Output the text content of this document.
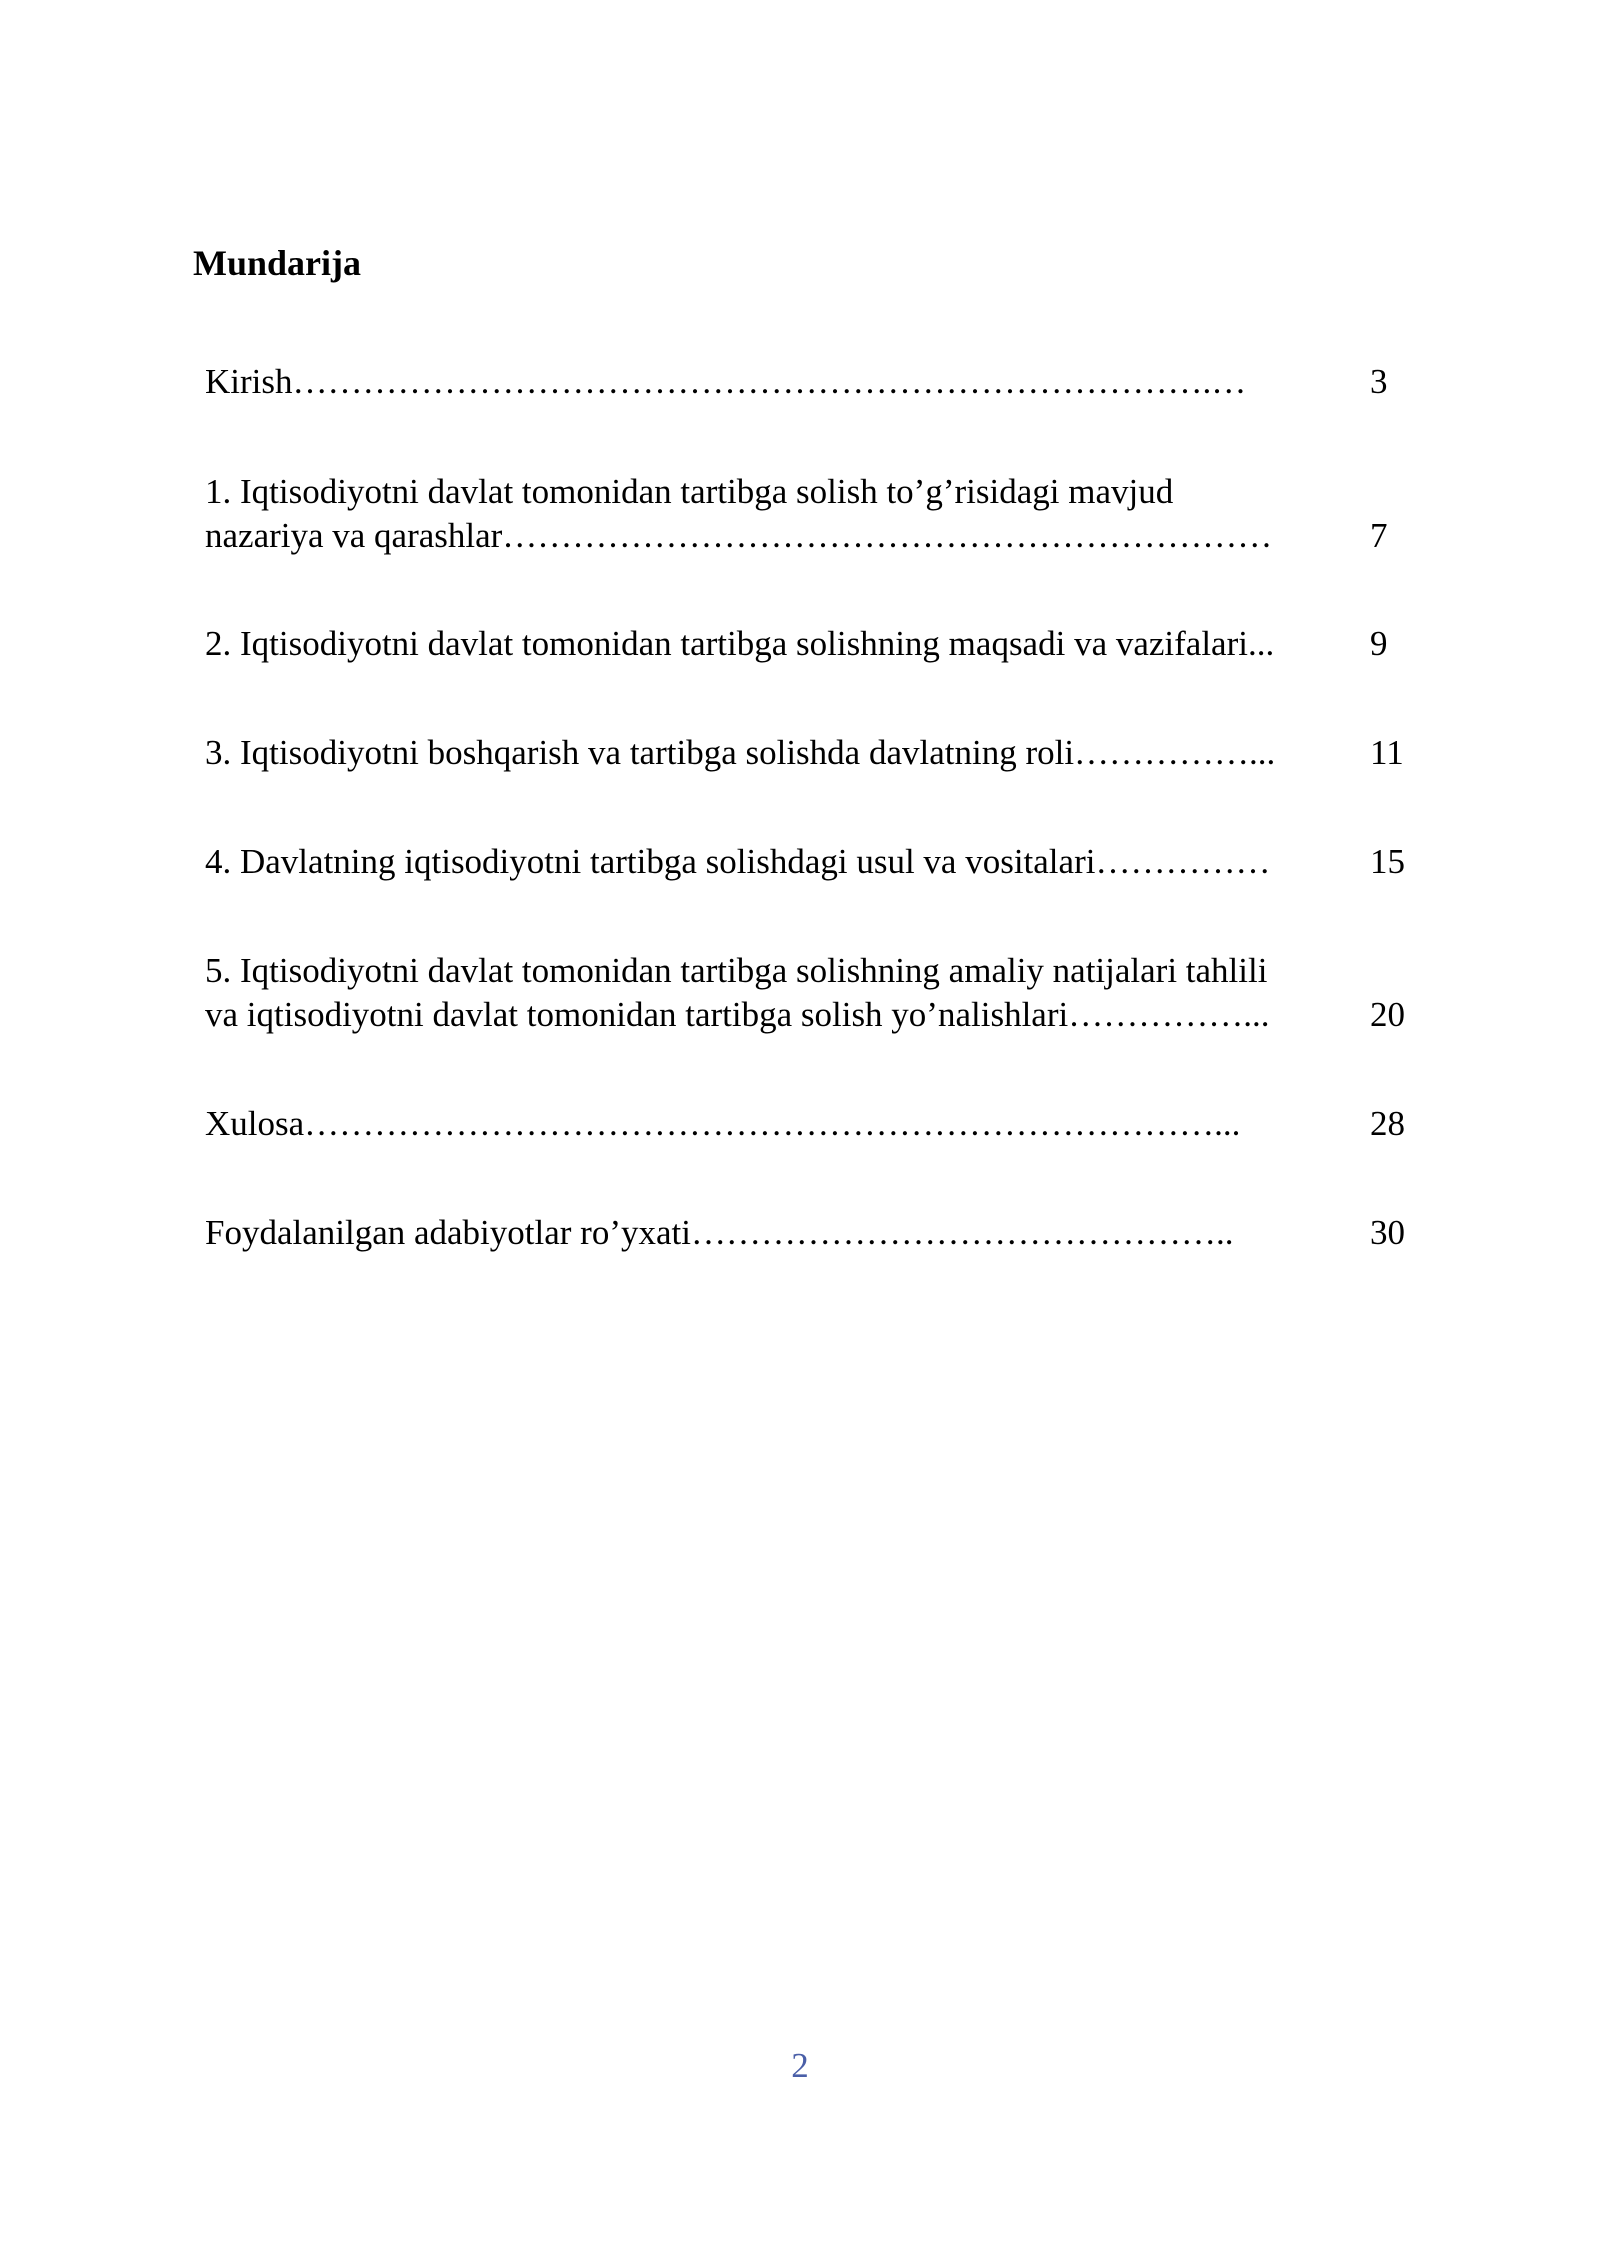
Mundarija
Kirish…………………………………………………………………….…	3
1. Iqtisodiyotni davlat tomonidan tartibga solish to’g’risidagi mavjud
nazariya va qarashlar…………………………………………………………	7
2. Iqtisodiyotni davlat tomonidan tartibga solishning maqsadi va vazifalari...	9
3. Iqtisodiyotni boshqarish va tartibga solishda davlatning roli……………...	11
4. Davlatning iqtisodiyotni tartibga solishdagi usul va vositalari……………	15
5. Iqtisodiyotni davlat tomonidan tartibga solishning amaliy natijalari tahlili
va iqtisodiyotni davlat tomonidan tartibga solish yo’nalishlari……………...	20
Xulosa……………………………………………………………………...	28
Foydalanilgan adabiyotlar ro’yxati………………………………………..	30
2
